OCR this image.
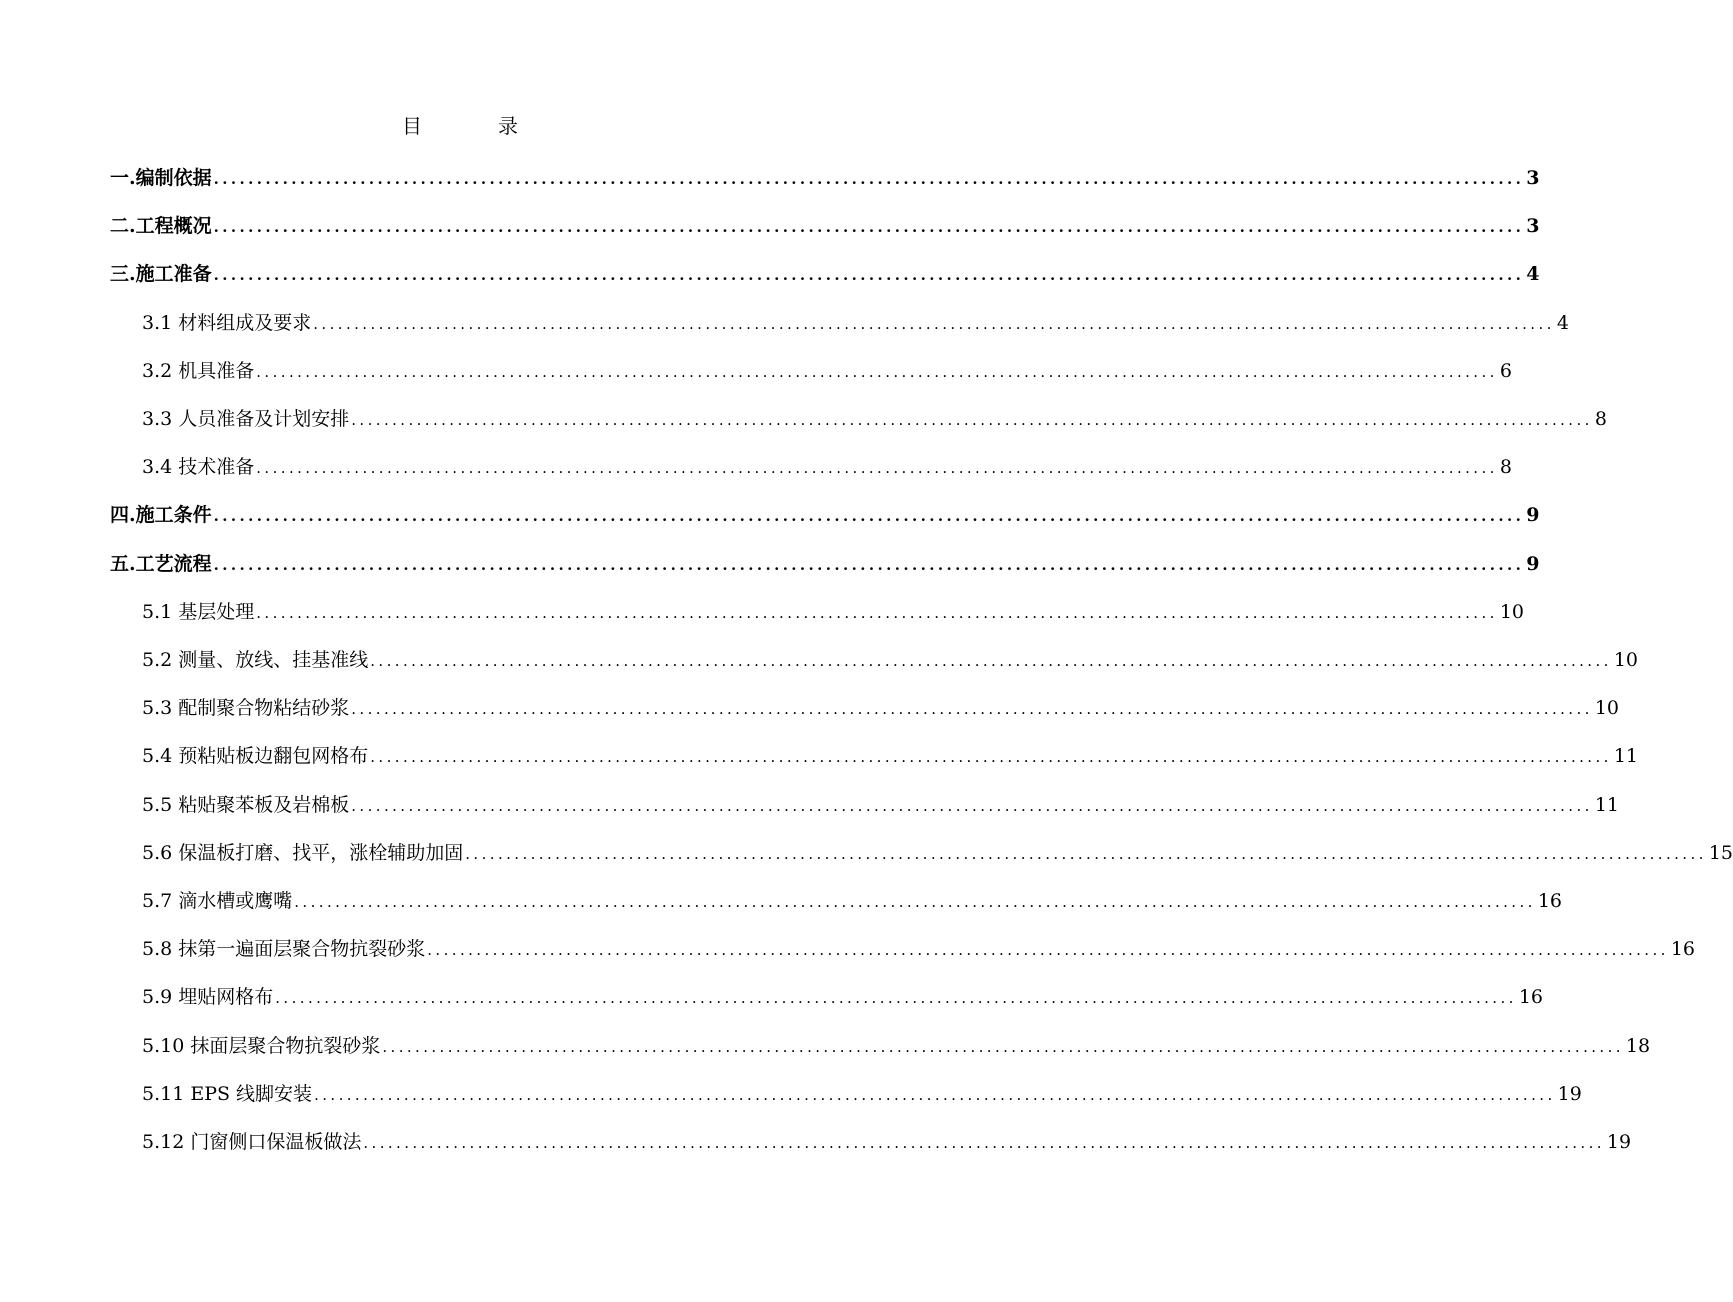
目　录
一.编制依据 ........................................................................................................................................................ 3
二.工程概况 ........................................................................................................................................................ 3
三.施工准备 ........................................................................................................................................................ 4
3.1 材料组成及要求 ........................................................................................................................................................ 4
3.2 机具准备 ........................................................................................................................................................ 6
3.3 人员准备及计划安排 ........................................................................................................................................................ 8
3.4 技术准备 ........................................................................................................................................................ 8
四.施工条件 ........................................................................................................................................................ 9
五.工艺流程 ........................................................................................................................................................ 9
5.1 基层处理 ........................................................................................................................................................ 10
5.2 测量、放线、挂基准线 ........................................................................................................................................................ 10
5.3 配制聚合物粘结砂浆 ........................................................................................................................................................ 10
5.4 预粘贴板边翻包网格布 ........................................................................................................................................................ 11
5.5 粘贴聚苯板及岩棉板 ........................................................................................................................................................ 11
5.6 保温板打磨、找平，涨栓辅助加固 ........................................................................................................................................................ 15
5.7 滴水槽或鹰嘴 ........................................................................................................................................................ 16
5.8 抹第一遍面层聚合物抗裂砂浆 ........................................................................................................................................................ 16
5.9 埋贴网格布 ........................................................................................................................................................ 16
5.10 抹面层聚合物抗裂砂浆 ........................................................................................................................................................ 18
5.11 EPS 线脚安装 ........................................................................................................................................................ 19
5.12 门窗侧口保温板做法 ........................................................................................................................................................ 19
